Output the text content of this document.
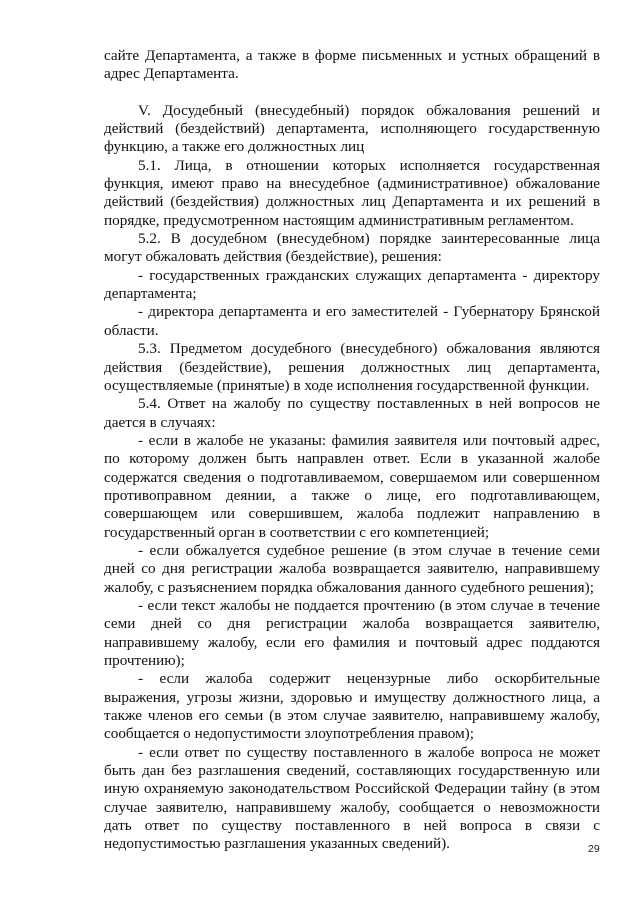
сайте Департамента, а также в форме письменных и устных обращений в адрес Департамента.

V. Досудебный (внесудебный) порядок обжалования решений и действий (бездействий) департамента, исполняющего государственную функцию, а также его должностных лиц

5.1. Лица, в отношении которых исполняется государственная функция, имеют право на внесудебное (административное) обжалование действий (бездействия) должностных лиц Департамента и их решений в порядке, предусмотренном настоящим административным регламентом.

5.2. В досудебном (внесудебном) порядке заинтересованные лица могут обжаловать действия (бездействие), решения:

- государственных гражданских служащих департамента - директору департамента;

- директора департамента и его заместителей - Губернатору Брянской области.

5.3. Предметом досудебного (внесудебного) обжалования являются действия (бездействие), решения должностных лиц департамента, осуществляемые (принятые) в ходе исполнения государственной функции.

5.4. Ответ на жалобу по существу поставленных в ней вопросов не дается в случаях:

- если в жалобе не указаны: фамилия заявителя или почтовый адрес, по которому должен быть направлен ответ. Если в указанной жалобе содержатся сведения о подготавливаемом, совершаемом или совершенном противоправном деянии, а также о лице, его подготавливающем, совершающем или совершившем, жалоба подлежит направлению в государственный орган в соответствии с его компетенцией;

- если обжалуется судебное решение (в этом случае в течение семи дней со дня регистрации жалоба возвращается заявителю, направившему жалобу, с разъяснением порядка обжалования данного судебного решения);

- если текст жалобы не поддается прочтению (в этом случае в течение семи дней со дня регистрации жалоба возвращается заявителю, направившему жалобу, если его фамилия и почтовый адрес поддаются прочтению);

- если жалоба содержит нецензурные либо оскорбительные выражения, угрозы жизни, здоровью и имуществу должностного лица, а также членов его семьи (в этом случае заявителю, направившему жалобу, сообщается о недопустимости злоупотребления правом);

- если ответ по существу поставленного в жалобе вопроса не может быть дан без разглашения сведений, составляющих государственную или иную охраняемую законодательством Российской Федерации тайну (в этом случае заявителю, направившему жалобу, сообщается о невозможности дать ответ по существу поставленного в ней вопроса в связи с недопустимостью разглашения указанных сведений).	29
